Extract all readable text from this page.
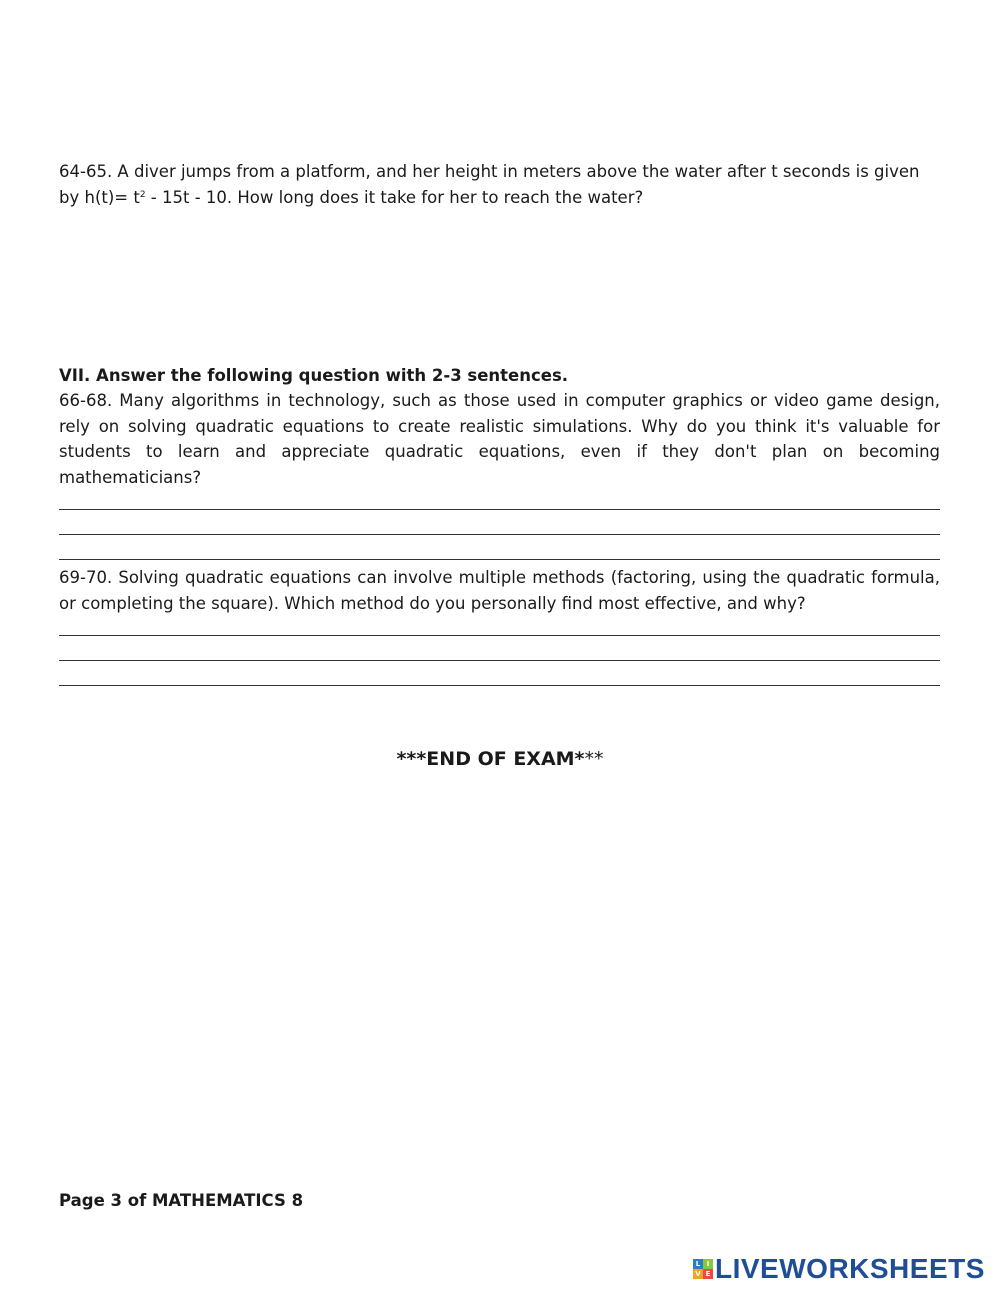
64-65. A diver jumps from a platform, and her height in meters above the water after t seconds is given by $h(t)= t^2 - 15t - 10$. How long does it take for her to reach the water?
VII. Answer the following question with 2-3 sentences.
66-68. Many algorithms in technology, such as those used in computer graphics or video game design, rely on solving quadratic equations to create realistic simulations. Why do you think it's valuable for students to learn and appreciate quadratic equations, even if they don't plan on becoming mathematicians?
69-70. Solving quadratic equations can involve multiple methods (factoring, using the quadratic formula, or completing the square). Which method do you personally find most effective, and why?
***END OF EXAM***
Page 3 of MATHEMATICS 8
L I
V E LIVEWORKSHEETS
